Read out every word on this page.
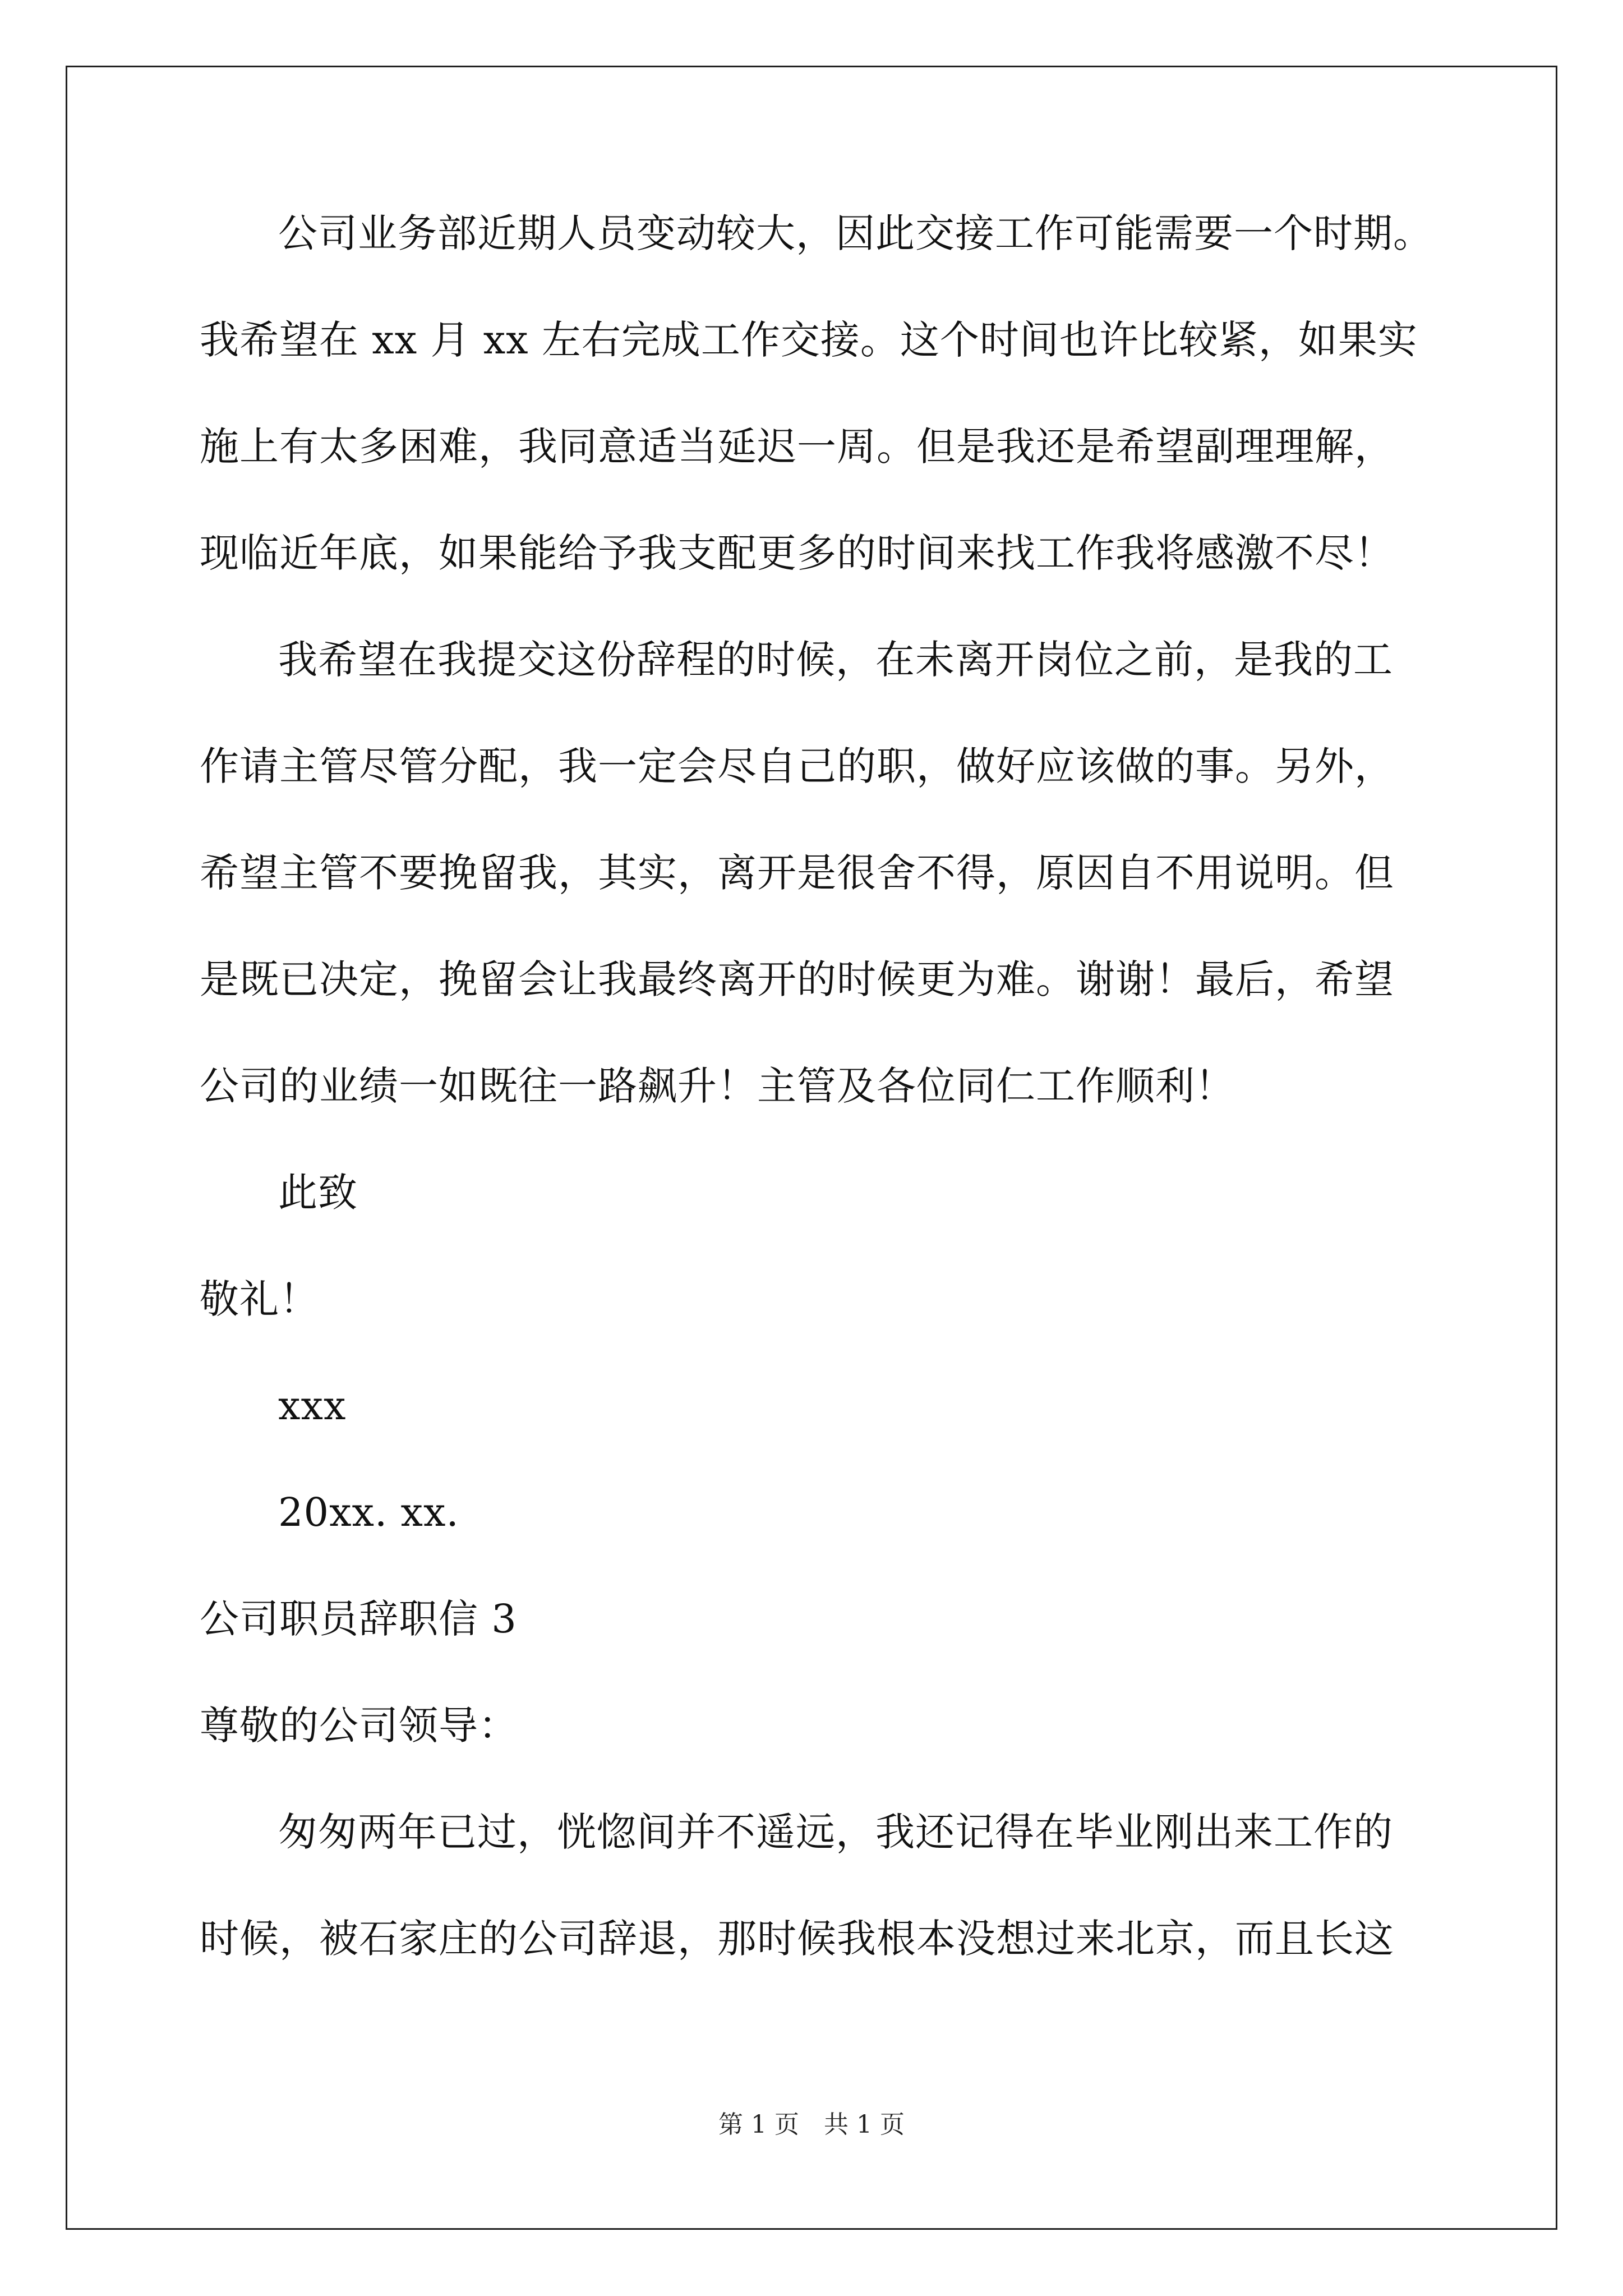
公司业务部近期人员变动较大，因此交接工作可能需要一个时期。
我希望在 xx 月 xx 左右完成工作交接。这个时间也许比较紧，如果实
施上有太多困难，我同意适当延迟一周。但是我还是希望副理理解，
现临近年底，如果能给予我支配更多的时间来找工作我将感激不尽！
我希望在我提交这份辞程的时候，在未离开岗位之前，是我的工
作请主管尽管分配，我一定会尽自己的职，做好应该做的事。另外，
希望主管不要挽留我，其实，离开是很舍不得，原因自不用说明。但
是既已决定，挽留会让我最终离开的时候更为难。谢谢！最后，希望
公司的业绩一如既往一路飙升！主管及各位同仁工作顺利！
此致
敬礼！
xxx
20xx. xx.
公司职员辞职信 3
尊敬的公司领导：
匆匆两年已过，恍惚间并不遥远，我还记得在毕业刚出来工作的
时候，被石家庄的公司辞退，那时候我根本没想过来北京，而且长这
第 1 页　共 1 页
